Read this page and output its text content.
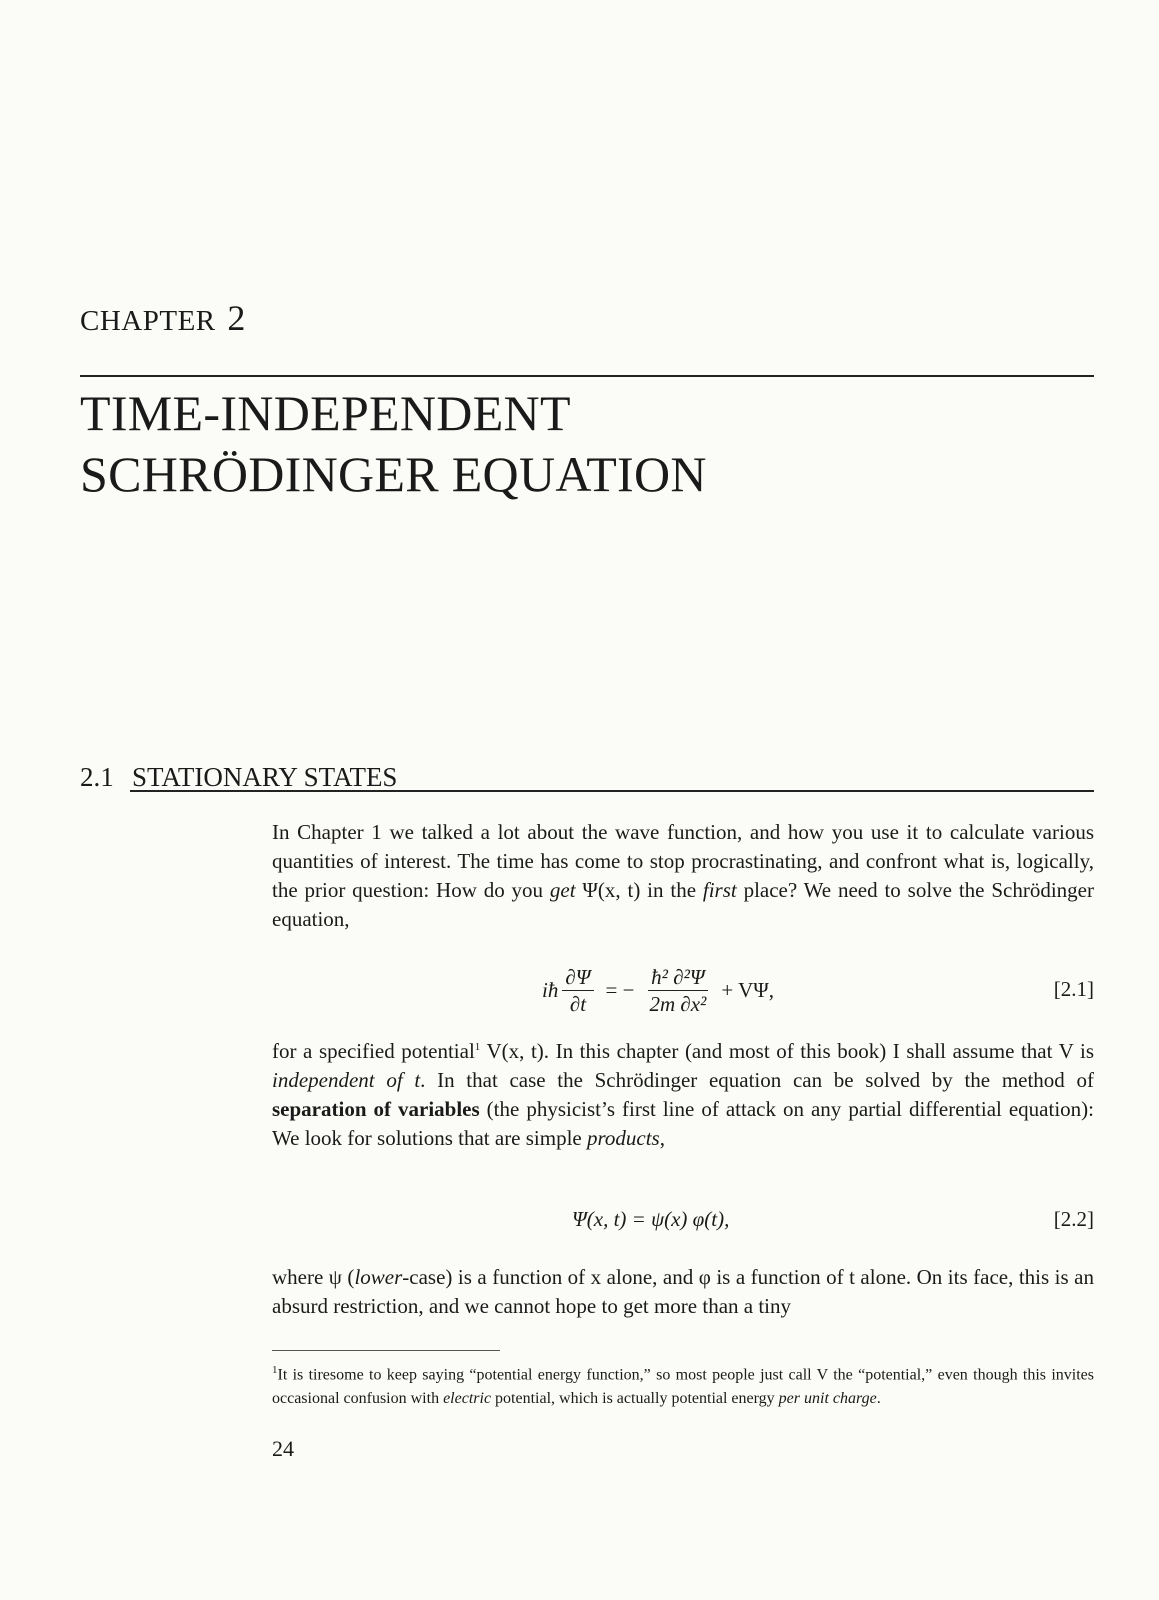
CHAPTER 2
TIME-INDEPENDENT
SCHRÖDINGER EQUATION
2.1 STATIONARY STATES

In Chapter 1 we talked a lot about the wave function, and how you use it to calculate various quantities of interest. The time has come to stop procrastinating, and confront what is, logically, the prior question: How do you get Ψ(x, t) in the first place? We need to solve the Schrödinger equation,

iħ $\frac{\partial\Psi}{\partial t}$ = − $\frac{\text{ħ² ∂²Ψ}}{\text{2m ∂x²}} + V\Psi$,	[2.1]

for a specified potential$^1$ V(x, t). In this chapter (and most of this book) I shall assume that V is independent of t. In that case the Schrödinger equation can be solved by the method of separation of variables (the physicist’s first line of attack on any partial differential equation): We look for solutions that are simple products,

Ψ(x, t) = ψ(x) φ(t),	[2.2]

where ψ (lower-case) is a function of x alone, and φ is a function of t alone. On its face, this is an absurd restriction, and we cannot hope to get more than a tiny

$^1$It is tiresome to keep saying “potential energy function,” so most people just call V the “potential,” even though this invites occasional confusion with electric potential, which is actually potential energy per unit charge.

24
